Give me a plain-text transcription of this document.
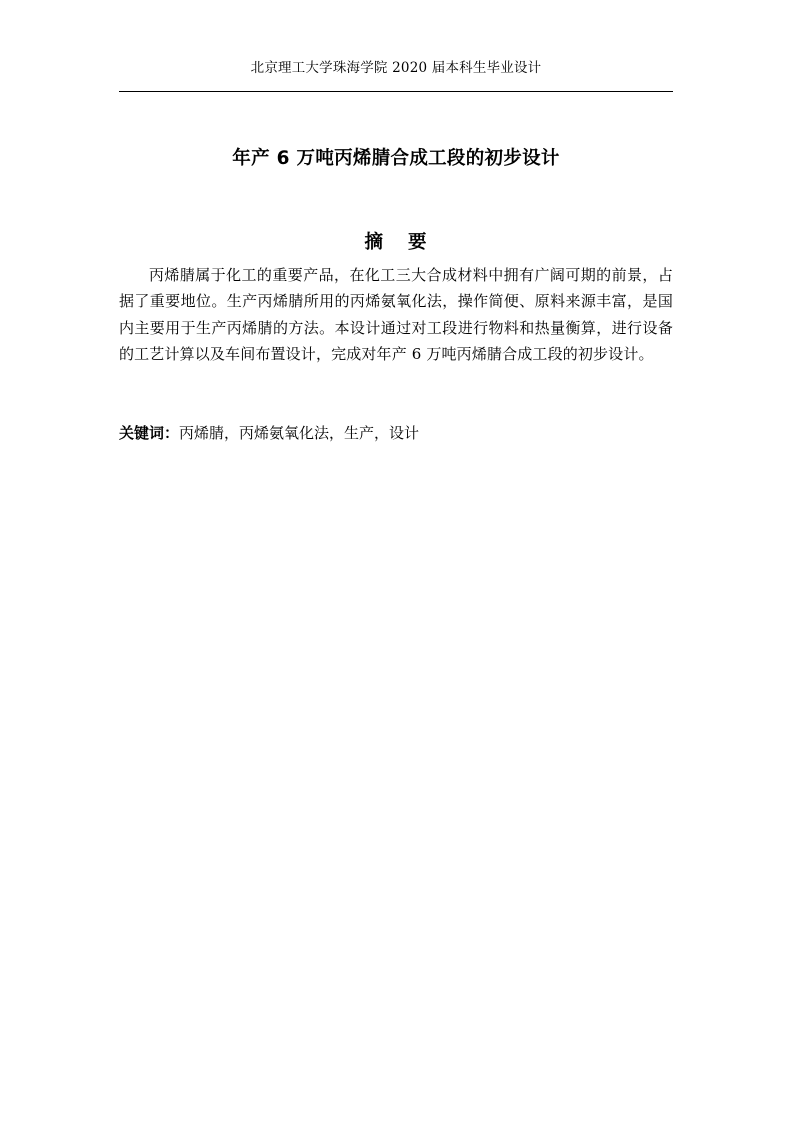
北京理工大学珠海学院 2020 届本科生毕业设计
年产 6 万吨丙烯腈合成工段的初步设计
摘 要

丙烯腈属于化工的重要产品，在化工三大合成材料中拥有广阔可期的前景，占据了重要地位。生产丙烯腈所用的丙烯氨氧化法，操作简便、原料来源丰富，是国内主要用于生产丙烯腈的方法。本设计通过对工段进行物料和热量衡算，进行设备的工艺计算以及车间布置设计，完成对年产 6 万吨丙烯腈合成工段的初步设计。

关键词：丙烯腈，丙烯氨氧化法，生产，设计
